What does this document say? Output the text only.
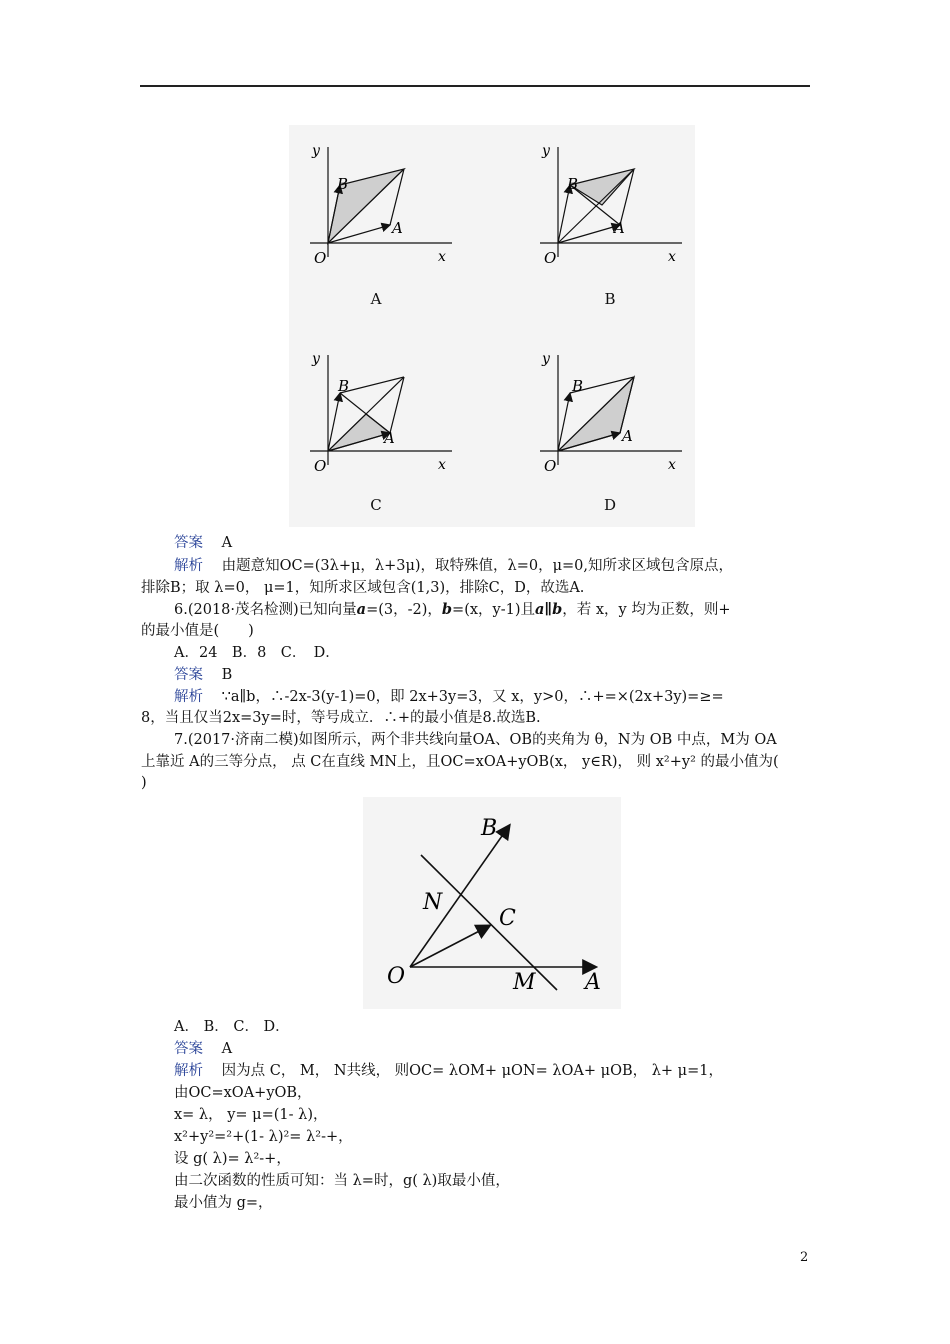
y
x
O
A
B
A
y
x
O
A
B
B
y
x
O
A
B
C
y
x
O
A
B
D
答案 A
解析 由题意知OC=(3λ+μ，λ+3μ)，取特殊值，λ=0，μ=0,知所求区域包含原点，
排除B；取 λ=0， μ=1，知所求区域包含(1,3)，排除C，D，故选A.
6.(2018·茂名检测)已知向量a=(3，-2)，b=(x，y-1)且a∥b，若 x，y 均为正数，则+
的最小值是(　　)
A．24　B．8　C．　D．
答案 B
解析 ∵a∥b，∴-2x-3(y-1)=0，即 2x+3y=3，又 x，y>0，∴+=×(2x+3y)=≥=
8，当且仅当2x=3y=时，等号成立．∴+的最小值是8.故选B.
7.(2017·济南二模)如图所示，两个非共线向量OA、OB的夹角为 θ，N为 OB 中点，M为 OA
上靠近 A的三等分点， 点 C在直线 MN上，且OC=xOA+yOB(x， y∈R)， 则 x²+y² 的最小值为(
)
B
N
C
O	M A
A． B． C． D．
答案 A
解析 因为点 C， M， N共线， 则OC= λOM+ μON= λOA+ μOB， λ+ μ=1，
由OC=xOA+yOB，
x= λ， y= μ=(1- λ)，
x²+y²=²+(1- λ)²= λ²-+，
设 g( λ)= λ²-+，
由二次函数的性质可知：当 λ=时，g( λ)取最小值，
最小值为 g=，
2
